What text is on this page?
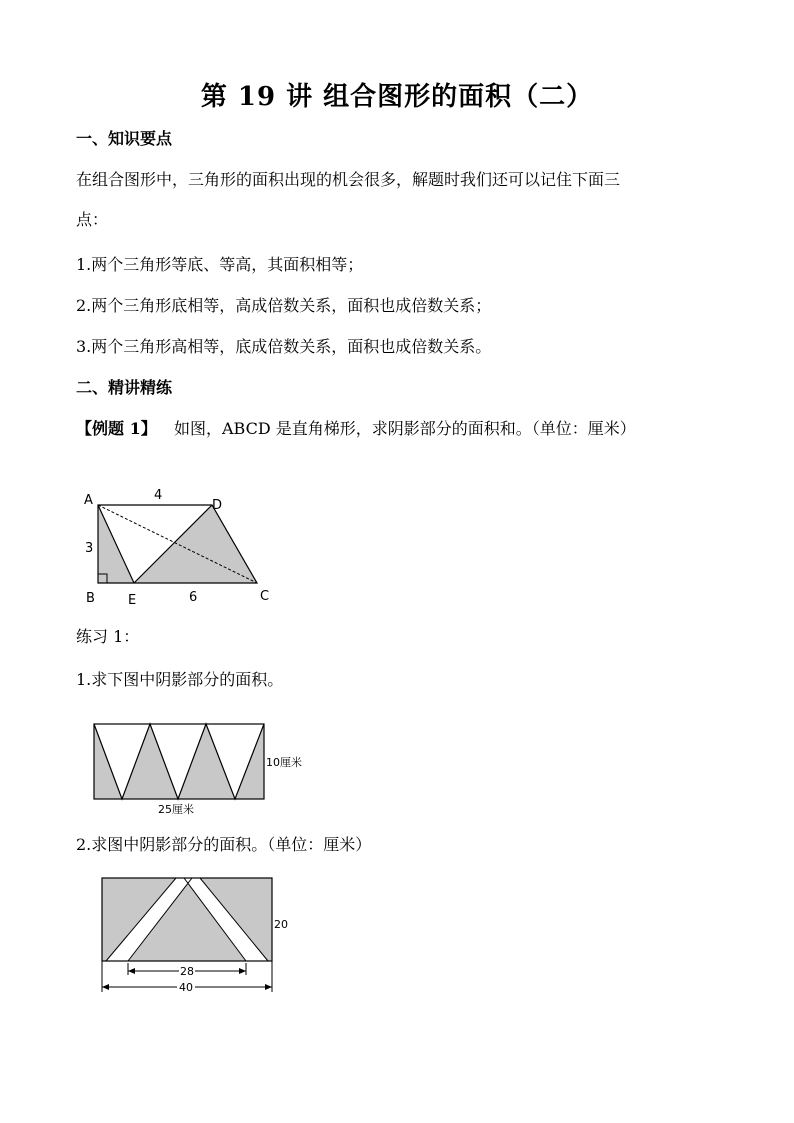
第 19 讲 组合图形的面积（二）
一、知识要点
在组合图形中，三角形的面积出现的机会很多，解题时我们还可以记住下面三
点：
1.两个三角形等底、等高，其面积相等；
2.两个三角形底相等，高成倍数关系，面积也成倍数关系；
3.两个三角形高相等，底成倍数关系，面积也成倍数关系。
二、精讲精练
【例题 1】 如图，ABCD 是直角梯形，求阴影部分的面积和。（单位：厘米）
A	D
B	E	C
4
3
6
练习 1：
1.求下图中阴影部分的面积。
10厘米
25厘米
2.求图中阴影部分的面积。（单位：厘米）
20
28
40
